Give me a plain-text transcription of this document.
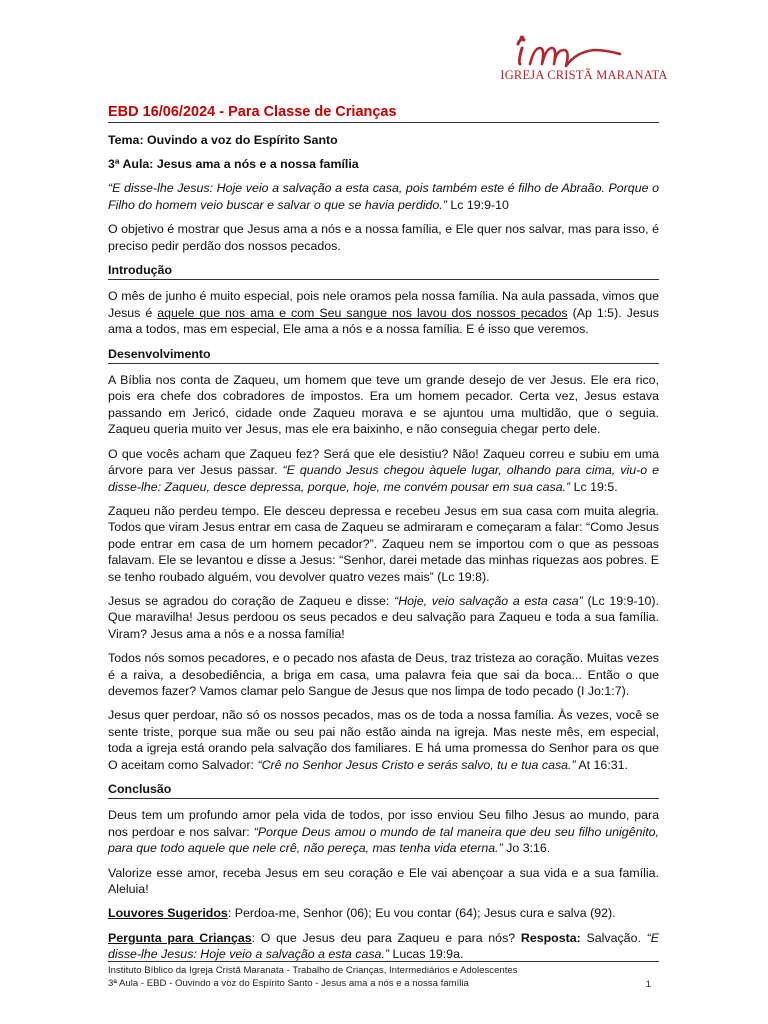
IGREJA CRISTÃ MARANATA
EBD 16/06/2024 - Para Classe de Crianças
Tema: Ouvindo a voz do Espírito Santo

3ª Aula: Jesus ama a nós e a nossa família

“E disse-lhe Jesus: Hoje veio a salvação a esta casa, pois também este é filho de Abraão. Porque o Filho do homem veio buscar e salvar o que se havia perdido.” Lc 19:9-10

O objetivo é mostrar que Jesus ama a nós e a nossa família, e Ele quer nos salvar, mas para isso, é preciso pedir perdão dos nossos pecados.

Introdução

O mês de junho é muito especial, pois nele oramos pela nossa família. Na aula passada, vimos que Jesus é aquele que nos ama e com Seu sangue nos lavou dos nossos pecados (Ap 1:5). Jesus ama a todos, mas em especial, Ele ama a nós e a nossa família. E é isso que veremos.

Desenvolvimento

A Bíblia nos conta de Zaqueu, um homem que teve um grande desejo de ver Jesus. Ele era rico, pois era chefe dos cobradores de impostos. Era um homem pecador. Certa vez, Jesus estava passando em Jericó, cidade onde Zaqueu morava e se ajuntou uma multidão, que o seguia. Zaqueu queria muito ver Jesus, mas ele era baixinho, e não conseguia chegar perto dele.

O que vocês acham que Zaqueu fez? Será que ele desistiu? Não! Zaqueu correu e subiu em uma árvore para ver Jesus passar. “E quando Jesus chegou àquele lugar, olhando para cima, viu-o e disse-lhe: Zaqueu, desce depressa, porque, hoje, me convém pousar em sua casa.” Lc 19:5.

Zaqueu não perdeu tempo. Ele desceu depressa e recebeu Jesus em sua casa com muita alegria. Todos que viram Jesus entrar em casa de Zaqueu se admiraram e começaram a falar: “Como Jesus pode entrar em casa de um homem pecador?”. Zaqueu nem se importou com o que as pessoas falavam. Ele se levantou e disse a Jesus: “Senhor, darei metade das minhas riquezas aos pobres. E se tenho roubado alguém, vou devolver quatro vezes mais” (Lc 19:8).

Jesus se agradou do coração de Zaqueu e disse: “Hoje, veio salvação a esta casa” (Lc 19:9-10). Que maravilha! Jesus perdoou os seus pecados e deu salvação para Zaqueu e toda a sua família. Viram? Jesus ama a nós e a nossa família!

Todos nós somos pecadores, e o pecado nos afasta de Deus, traz tristeza ao coração. Muitas vezes é a raiva, a desobediência, a briga em casa, uma palavra feia que sai da boca... Então o que devemos fazer? Vamos clamar pelo Sangue de Jesus que nos limpa de todo pecado (I Jo:1:7).

Jesus quer perdoar, não só os nossos pecados, mas os de toda a nossa família. Às vezes, você se sente triste, porque sua mãe ou seu pai não estão ainda na igreja. Mas neste mês, em especial, toda a igreja está orando pela salvação dos familiares. E há uma promessa do Senhor para os que O aceitam como Salvador: “Crê no Senhor Jesus Cristo e serás salvo, tu e tua casa.” At 16:31.

Conclusão

Deus tem um profundo amor pela vida de todos, por isso enviou Seu filho Jesus ao mundo, para nos perdoar e nos salvar: “Porque Deus amou o mundo de tal maneira que deu seu filho unigênito, para que todo aquele que nele crê, não pereça, mas tenha vida eterna.” Jo 3:16.

Valorize esse amor, receba Jesus em seu coração e Ele vai abençoar a sua vida e a sua família. Aleluia!

Louvores Sugeridos: Perdoa-me, Senhor (06); Eu vou contar (64); Jesus cura e salva (92).

Pergunta para Crianças: O que Jesus deu para Zaqueu e para nós? Resposta: Salvação. “E disse-lhe Jesus: Hoje veio a salvação a esta casa.” Lucas 19:9a.

Instituto Bíblico da Igreja Cristã Maranata - Trabalho de Crianças, Intermediários e Adolescentes
3ª Aula - EBD - Ouvindo a voz do Espírito Santo - Jesus ama a nós e a nossa família	1
